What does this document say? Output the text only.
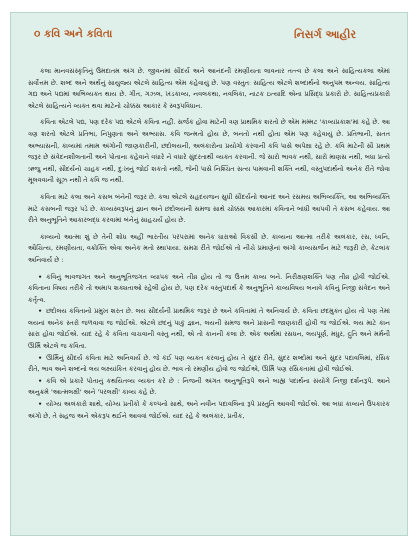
૦ કવિ અને કવિતા	નિસર્ગ આહીર

કલા માનવસંસ્કૃતિનું ઉમદાતમ અંગ છે. જીવનમાં સૌંદર્ય અને આનંદની રમણીયતા લાવનાર તત્ત્વ છે કલા અને સાહિત્યકલા એમાં સર્વોત્તમ છે. શબ્દ અને અર્થનું સાયુજ્ય એટલે સાહિત્ય એમ કહેવાયું છે. પણ વસ્તુતઃ સાહિત્ય એટલે શબ્દાર્થનો અનુપમ અન્વય. સાહિત્ય ગદ્ય અને પદ્યમાં અભિવ્યક્ત થાય છે. ગીત, ગઝલ, ખંડકાવ્ય, નવલકથા, નવલિકા, નાટક ઇત્યાદિ એના પ્રસિદ્ધ પ્રકારો છે. સાહિત્યપ્રકારો એટલે સાહિત્યને વ્યક્ત થવા માટેનો ચોક્કસ આકાર કે સ્વરૂપવિધાન.

કવિતા એટલે પદ્ય, પણ દરેક પદ્ય એટલે કવિતા નહીં. સર્જક હોવા માટેની ત્રણ પ્રાથમિક શરતો છે એમ મમ્મટ 'કાવ્યપ્રકાશ'માં કહે છે. આ ત્રણ શરતો એટલે પ્રતિભા, નિપુણતા અને અભ્યાસ. કવિ જન્મતો હોય છે, બનતો નથી હોતા એમ પણ કહેવાયું છે. પ્રતિભાની, સતત અભ્યાસની, કાવ્યમાં તમામ અંગોની જાણકારીની, છંદોલયની, અલંકારોના પ્રયોગો કરવાની કવિ પાસે અપેક્ષા રહે છે. કવિ માટેની સૌ પ્રથમ જરૂર છે સંવેદનશીલતાની અને પોતાના કહેવાને વધારે ને વધારે સુંદરતાથી વ્યક્ત કરવાની. જે સારો ભાવક નથી, સારો માણસ નથી, બધા પ્રત્યે ઋજુ નથી, સૌંદર્યનો ચાહક નથી, દુઃખનું જોઈ શકતો નથી, જેની પાસે નિશ્ચિત સત્ય પામવાની શક્તિ નથી, વસ્તુપદાર્થનો અનેક રીતે જોવા મૂલવવાની સૂઝ નથી તે કવિ જ નથી.

કવિતા માટે કલા અને કસબ બંનેની જરૂર છે. કલા એટલે સહૃદયજન સુધી સૌંદર્યનો આનંદ અને રસમય અભિવ્યક્તિ, આ અભિવ્યક્તિ માટે કસબની જરૂર પડે છે. કાવ્યસ્વરૂપનું જ્ઞાન અને છંદોલયની સમજ સાથે ચોક્કસ આકારમાં કવિતાને બાંધી આપવી તે કસબ કહેવાય. આ રીતે અનુભૂતિને આકારબદ્ધ કરવામાં બંનેનું સાહચર્ય હોય છે.

કાવ્યનો આત્મા શું છે તેની શોધ અહીં ભારતીય પરંપરામાં અનેક ધારાઓ વિકસી છે. કાવ્યના આત્મા તરીકે અલંકાર, રસ, ધ્વનિ, ઔચિત્ય, રમણીયતા, વક્રોક્તિ એવા અનેક મતો સ્થાપાયા. સમગ્ર રીતે જોઈએ તો નીચે પ્રમાણેનાં અંગો કાવ્યસર્જન માટે જરૂરી છે, કેટલાંક અનિવાર્ય છે :

• કવિનું ભાવજગત અને અનુભૂતિજગત વ્યાપક અને તીવ્ર હોય તો જ ઉત્તમ કાવ્ય બને. નિરીક્ષણશક્તિ પણ તીવ્ર હોવી જોઈએ. કવિતાના વિષય તરીકે તો અમાપ શક્યતાઓ રહેલી હોય છે, પણ દરેક વસ્તુપદાર્થ કે અનુભૂતિને કાવ્યવિષય બનાવે કવિનું નિજી સંવેદન અને કર્તૃત્વ.
• છંદોલય કવિતાનો પ્રમુખ શરત છે. લય સૌંદર્યની પ્રાથમિક જરૂર છે અને કવિતામાં તે અનિવાર્ય છે. કવિતા છંદમુક્ત હોય તો પણ તેમાં લયનાં અનેક સ્તરો જળવાવા જ જોઈએ. એટલે છંદનું પાકું જ્ઞાન, લયની સમજ અને પ્રાસની જાણકારી હોવી જ જોઈએ. લય માટે કાન સારા હોવા જોઈએ. યાદ રહે કે કવિતા વાચવાની વસ્તુ નથી, એ તો કાનની કલા છે. એક અર્થમાં રસધન, લયપૂર્ણ, મધુર, દ્રુતિ અને મર્મની ઊર્મિ એટલે જ કવિતા.
• ઊર્મિનું સૌંદર્ય કવિતા માટે અનિવાર્ય છે. જે કંઈ પણ વ્યક્ત કરવાનું હોય તે સુંદર રીતે, સુંદર શબ્દોમાં અને સુંદર પદાવલિમાં, રસિક રીતે, ભાવ અને શબ્દનો લય લક્ષ્યાંકિત કરવાનું હોય છે. ભાવ તો રમણીય હોવો જ જોઈએ, ઊર્મિ પણ રસિકતામાં હોવી જોઈએ.
• કવિ એ પ્રકારે પોતાનું કથયિતવ્ય વ્યક્ત કરે છે : નિજની અંગત અનુભૂતિરૂપે અને બાહ્ય પદાર્થના સંયોગે નિજી દર્શનરૂપે. આને અનુક્રમે 'આત્મલક્ષી' અને 'પરલક્ષી' કાવ્ય કહે છે.
• યોગ્ય અલંકારો શાથે, યોગ્ય પ્રતીકો કે કલ્પનો સાથે, અને નવીન પદાવલિના રૂપે પ્રસ્તુતિ આવવી જોઈએ. આ બધાં કાવ્યને ઉપકારક અંગો છે, તે સહજ અને એકરૂપ થઈને આવવાં જોઈએ. યાદ રહે કે અલંકાર, પ્રતીક,
